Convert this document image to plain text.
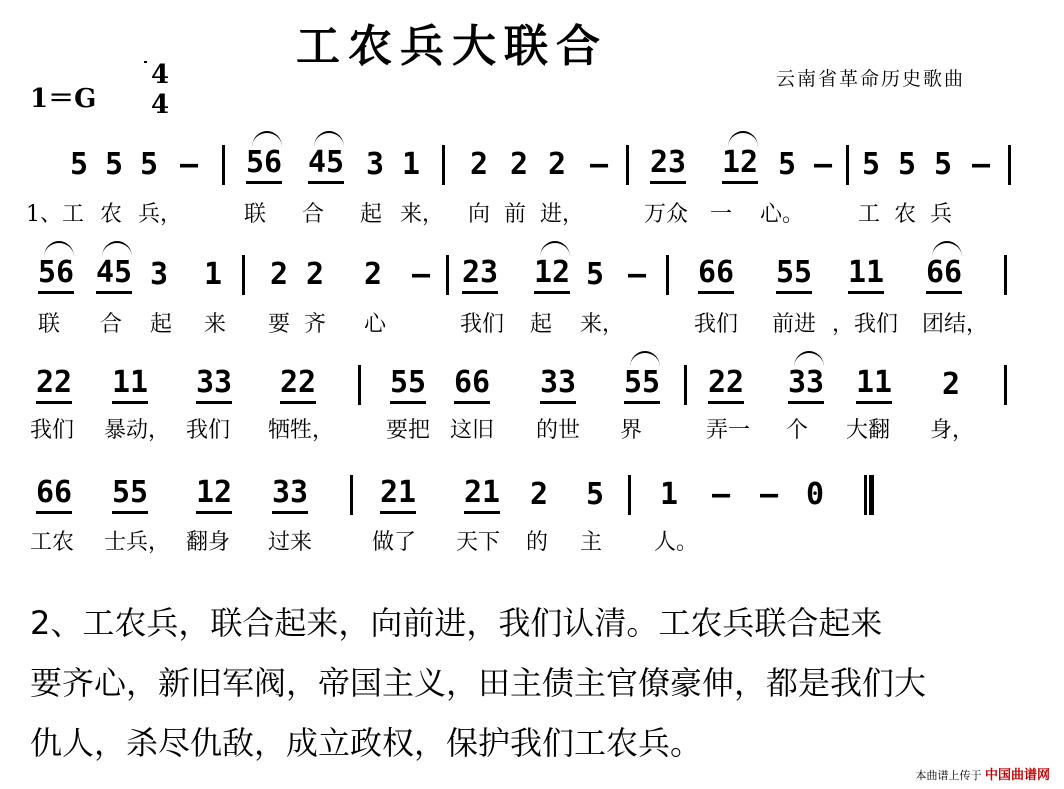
工农兵大联合
云南省革命历史歌曲
1＝G
4
4
5 5 5 – 56 45 3 1 2 2 2 – 23 12 5 – 5 5 5 –
1、工 农 兵，	联 合 起 来， 向 前 进，	万众 一 心。 工 农 兵
56 45 3 1 2 2 2 – 23 12 5 – 66 55 11 66
联 合 起 来 要 齐 心	我们 起 来，	我们 前进 ，我们 团结，
22 11 33 22 55 66 33 55 22 33 11 2
我们 暴动， 我们 牺牲， 要把 这旧 的世 界	弄一 个 大翻 身，
66 55 12 33 21 21 2 5 1 – – 0
工农 士兵， 翻身 过来	做了 天下 的 主 人。
2、工农兵，联合起来，向前进，我们认清。工农兵联合起来
要齐心，新旧军阀，帝国主义，田主债主官僚豪伸，都是我们大
仇人，杀尽仇敌，成立政权，保护我们工农兵。
本曲谱上传于 中国曲谱网
